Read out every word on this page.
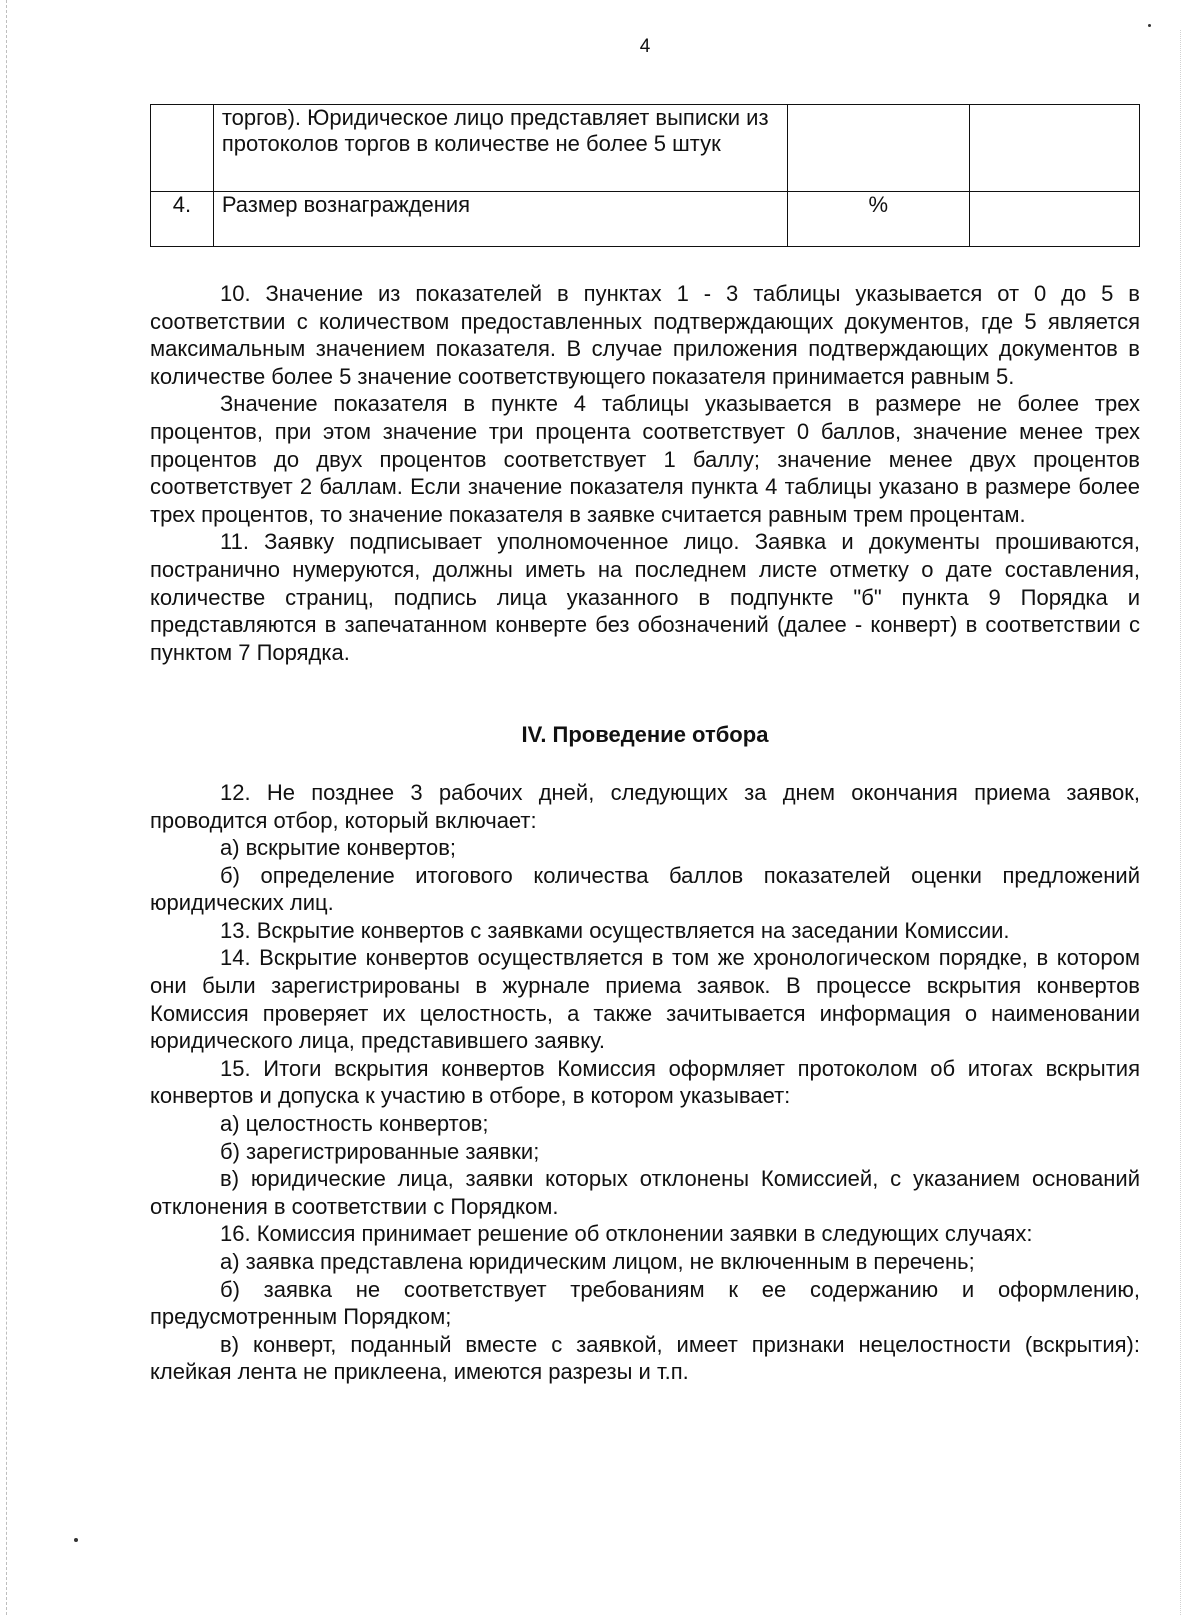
4
	торгов). Юридическое лицо представляет выписки из протоколов торгов в количестве не более 5 штук		
4.	Размер вознаграждения	%	

10. Значение из показателей в пунктах 1 - 3 таблицы указывается от 0 до 5 в соответствии с количеством предоставленных подтверждающих документов, где 5 является максимальным значением показателя. В случае приложения подтверждающих документов в количестве более 5 значение соответствующего показателя принимается равным 5.

Значение показателя в пункте 4 таблицы указывается в размере не более трех процентов, при этом значение три процента соответствует 0 баллов, значение менее трех процентов до двух процентов соответствует 1 баллу; значение менее двух процентов соответствует 2 баллам. Если значение показателя пункта 4 таблицы указано в размере более трех процентов, то значение показателя в заявке считается равным трем процентам.

11. Заявку подписывает уполномоченное лицо. Заявка и документы прошиваются, постранично нумеруются, должны иметь на последнем листе отметку о дате составления, количестве страниц, подпись лица указанного в подпункте "б" пункта 9 Порядка и представляются в запечатанном конверте без обозначений (далее - конверт) в соответствии с пунктом 7 Порядка.

IV. Проведение отбора

12. Не позднее 3 рабочих дней, следующих за днем окончания приема заявок, проводится отбор, который включает:

а) вскрытие конвертов;

б) определение итогового количества баллов показателей оценки предложений юридических лиц.

13. Вскрытие конвертов с заявками осуществляется на заседании Комиссии.

14. Вскрытие конвертов осуществляется в том же хронологическом порядке, в котором они были зарегистрированы в журнале приема заявок. В процессе вскрытия конвертов Комиссия проверяет их целостность, а также зачитывается информация о наименовании юридического лица, представившего заявку.

15. Итоги вскрытия конвертов Комиссия оформляет протоколом об итогах вскрытия конвертов и допуска к участию в отборе, в котором указывает:

а) целостность конвертов;

б) зарегистрированные заявки;

в) юридические лица, заявки которых отклонены Комиссией, с указанием оснований отклонения в соответствии с Порядком.

16. Комиссия принимает решение об отклонении заявки в следующих случаях:

а) заявка представлена юридическим лицом, не включенным в перечень;

б) заявка не соответствует требованиям к ее содержанию и оформлению, предусмотренным Порядком;

в) конверт, поданный вместе с заявкой, имеет признаки нецелостности (вскрытия): клейкая лента не приклеена, имеются разрезы и т.п.
